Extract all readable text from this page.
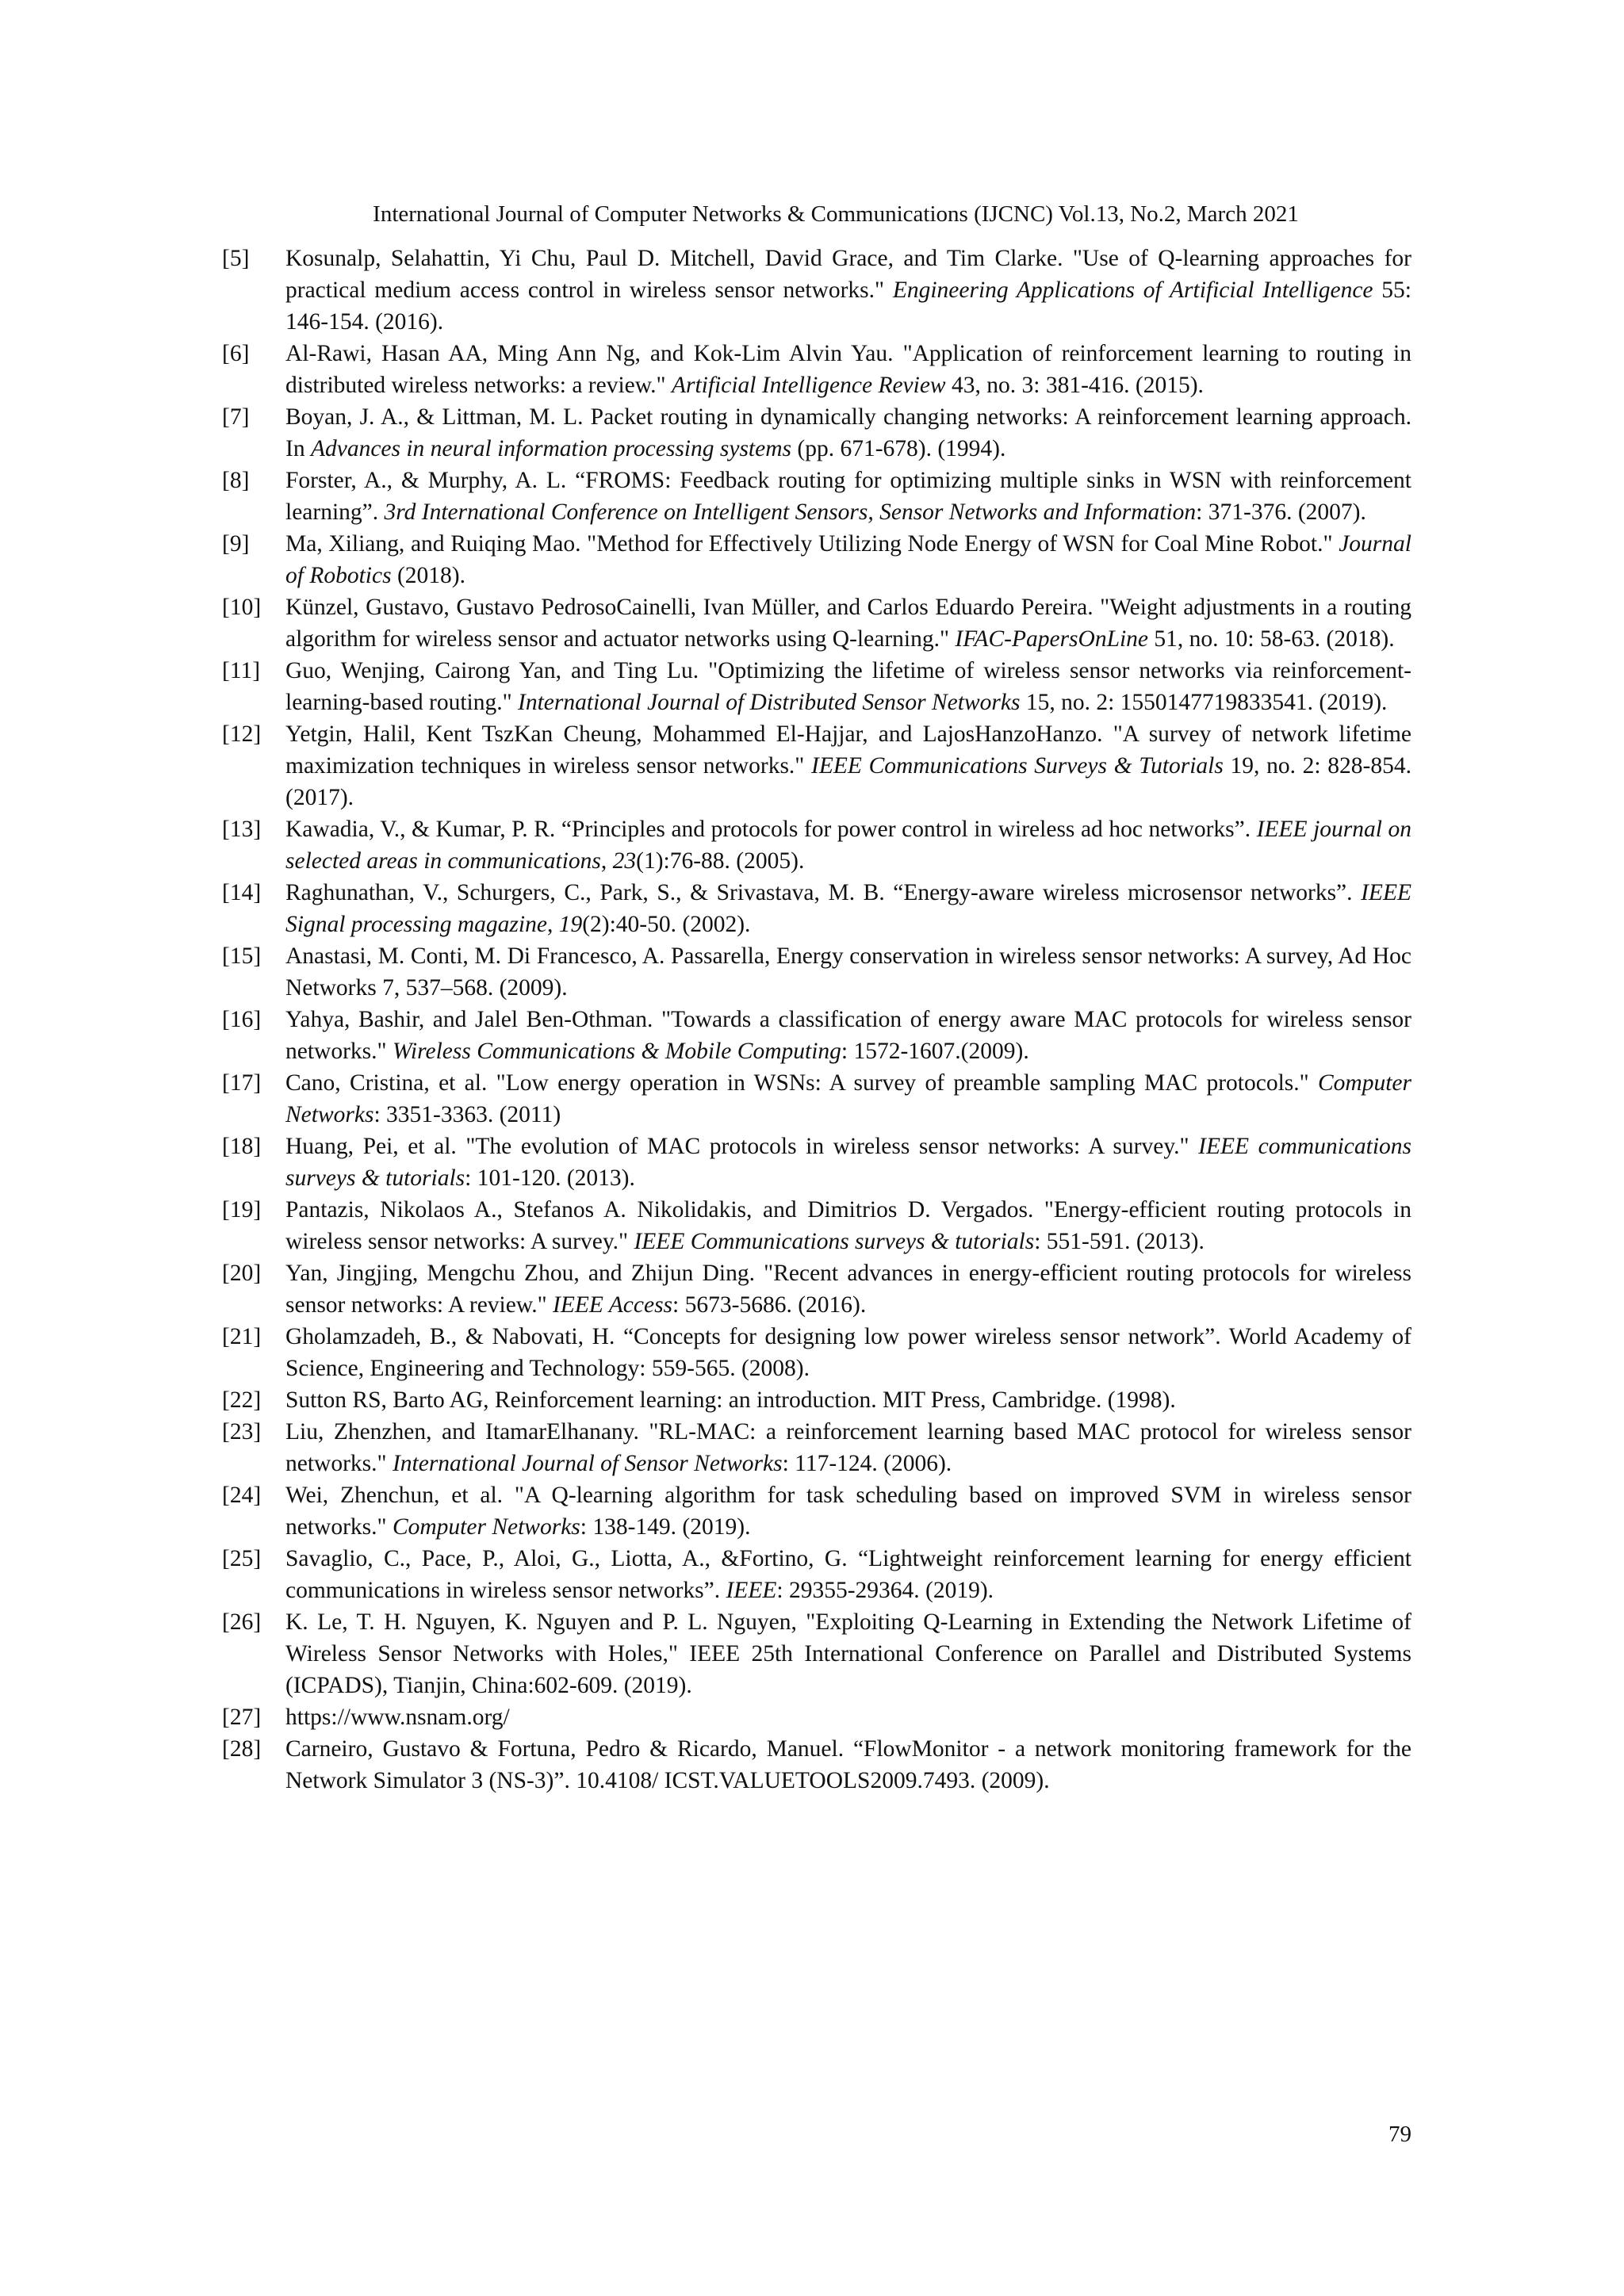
International Journal of Computer Networks & Communications (IJCNC) Vol.13, No.2, March 2021
[5]	Kosunalp, Selahattin, Yi Chu, Paul D. Mitchell, David Grace, and Tim Clarke. "Use of Q-learning approaches for practical medium access control in wireless sensor networks." Engineering Applications of Artificial Intelligence 55: 146-154. (2016).
[6]	Al-Rawi, Hasan AA, Ming Ann Ng, and Kok-Lim Alvin Yau. "Application of reinforcement learning to routing in distributed wireless networks: a review." Artificial Intelligence Review 43, no. 3: 381-416. (2015).
[7]	Boyan, J. A., & Littman, M. L. Packet routing in dynamically changing networks: A reinforcement learning approach. In Advances in neural information processing systems (pp. 671-678). (1994).
[8]	Forster, A., & Murphy, A. L. “FROMS: Feedback routing for optimizing multiple sinks in WSN with reinforcement learning”. 3rd International Conference on Intelligent Sensors, Sensor Networks and Information: 371-376. (2007).
[9]	Ma, Xiliang, and Ruiqing Mao. "Method for Effectively Utilizing Node Energy of WSN for Coal Mine Robot." Journal of Robotics (2018).
[10]	Künzel, Gustavo, Gustavo PedrosoCainelli, Ivan Müller, and Carlos Eduardo Pereira. "Weight adjustments in a routing algorithm for wireless sensor and actuator networks using Q-learning." IFAC-PapersOnLine 51, no. 10: 58-63. (2018).
[11]	Guo, Wenjing, Cairong Yan, and Ting Lu. "Optimizing the lifetime of wireless sensor networks via reinforcement-learning-based routing." International Journal of Distributed Sensor Networks 15, no. 2: 1550147719833541. (2019).
[12]	Yetgin, Halil, Kent TszKan Cheung, Mohammed El-Hajjar, and LajosHanzoHanzo. "A survey of network lifetime maximization techniques in wireless sensor networks." IEEE Communications Surveys & Tutorials 19, no. 2: 828-854. (2017).
[13]	Kawadia, V., & Kumar, P. R. “Principles and protocols for power control in wireless ad hoc networks”. IEEE journal on selected areas in communications, 23(1):76-88. (2005).
[14]	Raghunathan, V., Schurgers, C., Park, S., & Srivastava, M. B. “Energy-aware wireless microsensor networks”. IEEE Signal processing magazine, 19(2):40-50. (2002).
[15]	Anastasi, M. Conti, M. Di Francesco, A. Passarella, Energy conservation in wireless sensor networks: A survey, Ad Hoc Networks 7, 537–568. (2009).
[16]	Yahya, Bashir, and Jalel Ben-Othman. "Towards a classification of energy aware MAC protocols for wireless sensor networks." Wireless Communications & Mobile Computing: 1572-1607.(2009).
[17]	Cano, Cristina, et al. "Low energy operation in WSNs: A survey of preamble sampling MAC protocols." Computer Networks: 3351-3363. (2011)
[18]	Huang, Pei, et al. "The evolution of MAC protocols in wireless sensor networks: A survey." IEEE communications surveys & tutorials: 101-120. (2013).
[19]	Pantazis, Nikolaos A., Stefanos A. Nikolidakis, and Dimitrios D. Vergados. "Energy-efficient routing protocols in wireless sensor networks: A survey." IEEE Communications surveys & tutorials: 551-591. (2013).
[20]	Yan, Jingjing, Mengchu Zhou, and Zhijun Ding. "Recent advances in energy-efficient routing protocols for wireless sensor networks: A review." IEEE Access: 5673-5686. (2016).
[21]	Gholamzadeh, B., & Nabovati, H. “Concepts for designing low power wireless sensor network”. World Academy of Science, Engineering and Technology: 559-565. (2008).
[22]	Sutton RS, Barto AG, Reinforcement learning: an introduction. MIT Press, Cambridge. (1998).
[23]	Liu, Zhenzhen, and ItamarElhanany. "RL-MAC: a reinforcement learning based MAC protocol for wireless sensor networks." International Journal of Sensor Networks: 117-124. (2006).
[24]	Wei, Zhenchun, et al. "A Q-learning algorithm for task scheduling based on improved SVM in wireless sensor networks." Computer Networks: 138-149. (2019).
[25]	Savaglio, C., Pace, P., Aloi, G., Liotta, A., &Fortino, G. “Lightweight reinforcement learning for energy efficient communications in wireless sensor networks”. IEEE: 29355-29364. (2019).
[26]	K. Le, T. H. Nguyen, K. Nguyen and P. L. Nguyen, "Exploiting Q-Learning in Extending the Network Lifetime of Wireless Sensor Networks with Holes," IEEE 25th International Conference on Parallel and Distributed Systems (ICPADS), Tianjin, China:602-609. (2019).
[27]	https://www.nsnam.org/
[28]	Carneiro, Gustavo & Fortuna, Pedro & Ricardo, Manuel. “FlowMonitor - a network monitoring framework for the Network Simulator 3 (NS-3)”. 10.4108/ ICST.VALUETOOLS2009.7493. (2009).
79
